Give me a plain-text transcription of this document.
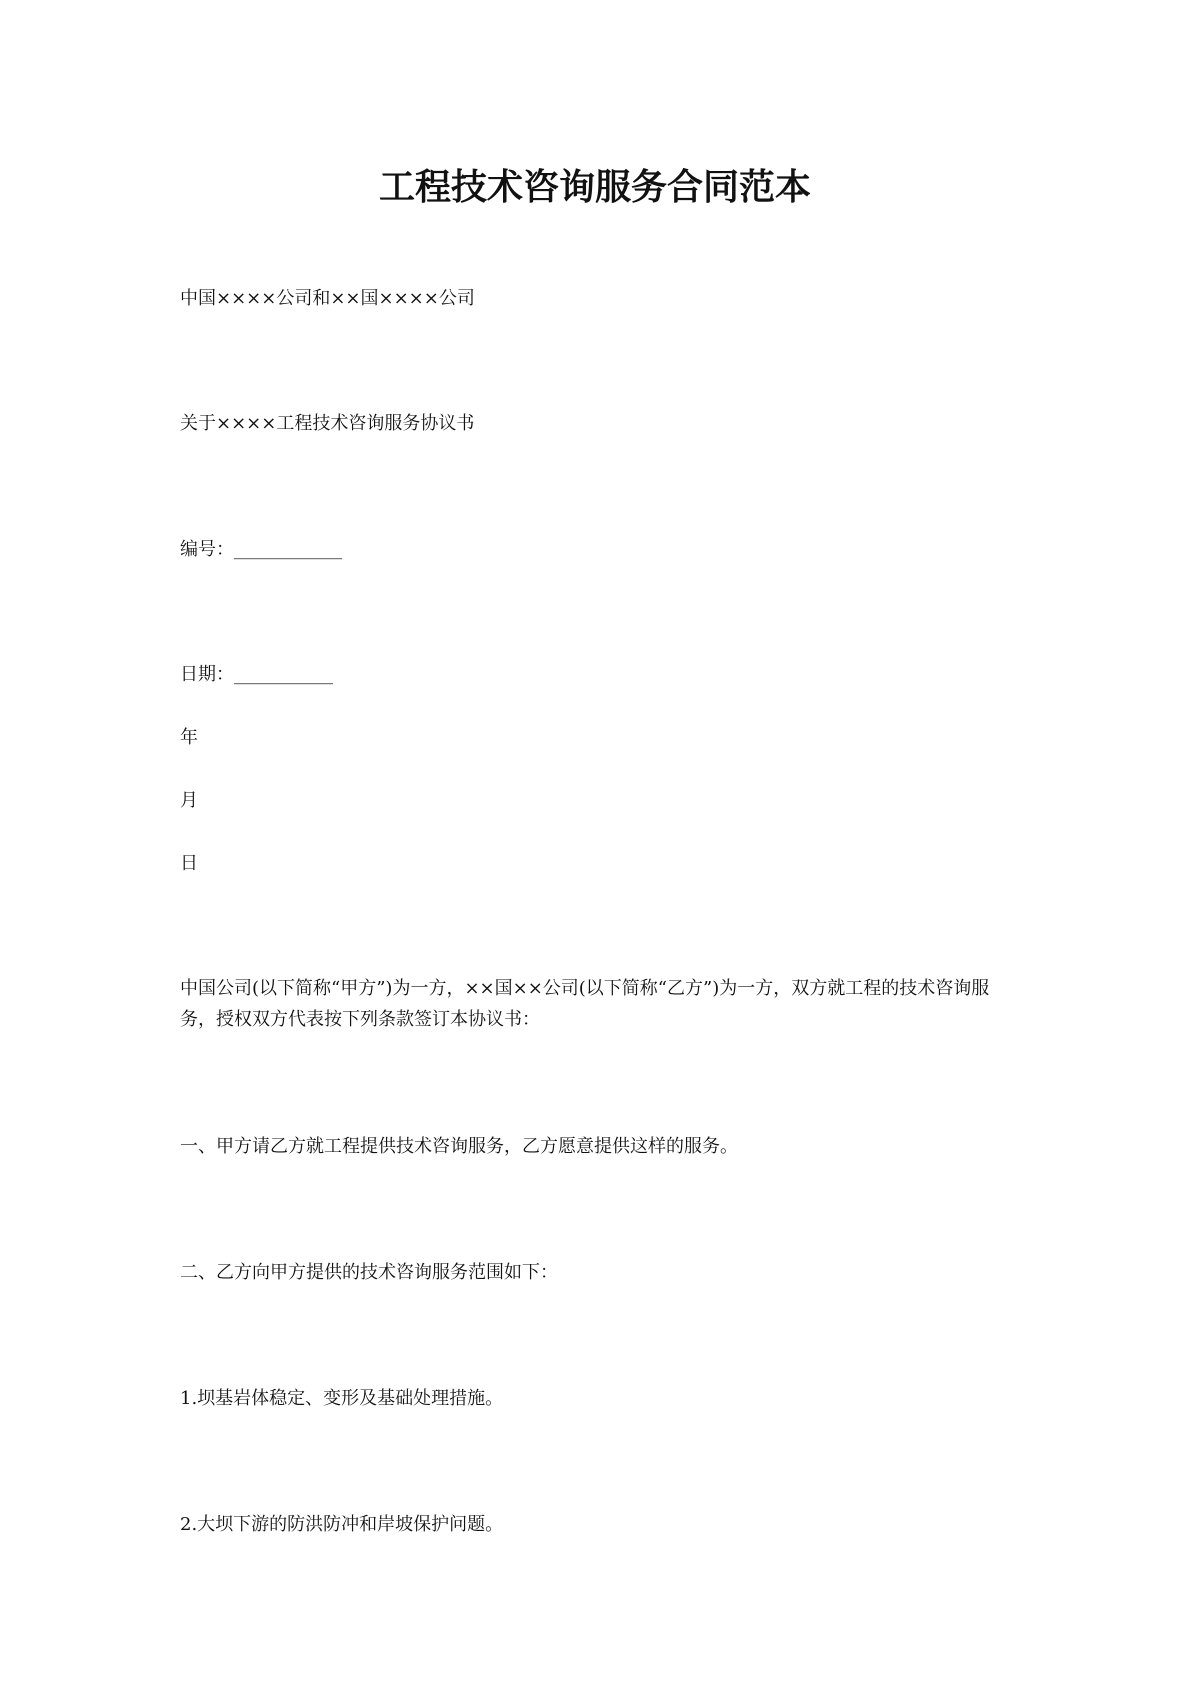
工程技术咨询服务合同范本
中国××××公司和××国××××公司
关于××××工程技术咨询服务协议书
编号：____________
日期：___________
年
月
日
中国公司(以下简称“甲方”)为一方，××国××公司(以下简称“乙方”)为一方，双方就工程的技术咨询服务，授权双方代表按下列条款签订本协议书：
一、甲方请乙方就工程提供技术咨询服务，乙方愿意提供这样的服务。
二、乙方向甲方提供的技术咨询服务范围如下：
1.坝基岩体稳定、变形及基础处理措施。
2.大坝下游的防洪防冲和岸坡保护问题。
